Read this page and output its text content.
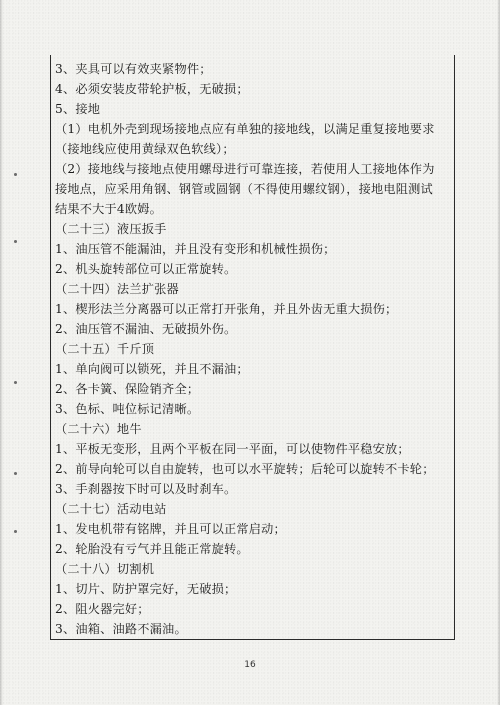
3、夹具可以有效夹紧物件；
4、必须安装皮带轮护板，无破损；
5、接地
（1）电机外壳到现场接地点应有单独的接地线，以满足重复接地要求
（接地线应使用黄绿双色软线）；
（2）接地线与接地点使用螺母进行可靠连接，若使用人工接地体作为
接地点，应采用角钢、钢管或圆钢（不得使用螺纹钢），接地电阻测试
结果不大于4欧姆。
（二十三）液压扳手
1、油压管不能漏油，并且没有变形和机械性损伤；
2、机头旋转部位可以正常旋转。
（二十四）法兰扩张器
1、楔形法兰分离器可以正常打开张角，并且外齿无重大损伤；
2、油压管不漏油、无破损外伤。
（二十五）千斤顶
1、单向阀可以锁死，并且不漏油；
2、各卡簧、保险销齐全；
3、色标、吨位标记清晰。
（二十六）地牛
1、平板无变形，且两个平板在同一平面，可以使物件平稳安放；
2、前导向轮可以自由旋转，也可以水平旋转；后轮可以旋转不卡轮；
3、手刹器按下时可以及时刹车。
（二十七）活动电站
1、发电机带有铭牌，并且可以正常启动；
2、轮胎没有亏气并且能正常旋转。
（二十八）切割机
1、切片、防护罩完好，无破损；
2、阻火器完好；
3、油箱、油路不漏油。
16
